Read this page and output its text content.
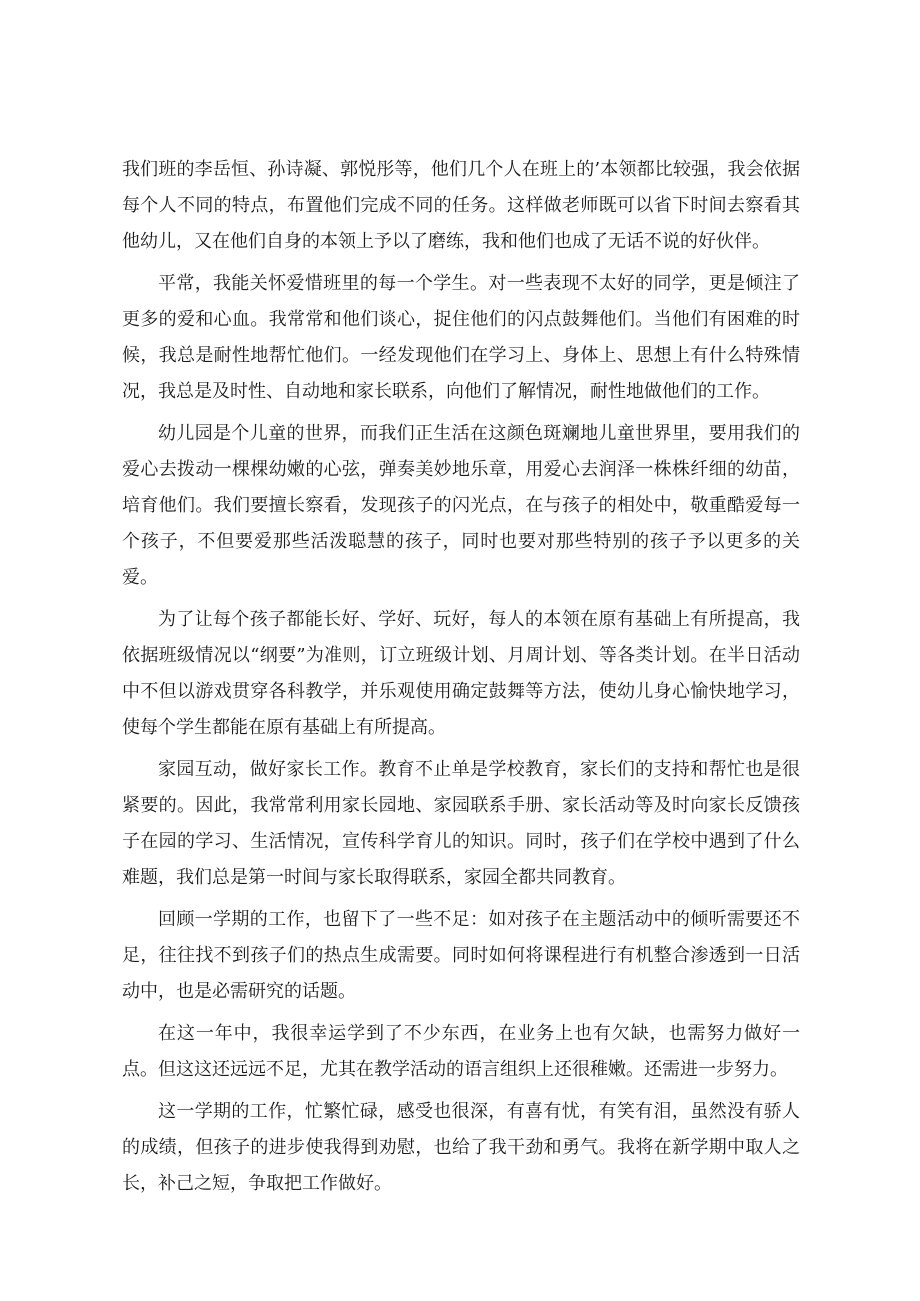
我们班的李岳恒、孙诗凝、郭悦彤等，他们几个人在班上的’本领都比较强，我会依据每个人不同的特点，布置他们完成不同的任务。这样做老师既可以省下时间去察看其他幼儿，又在他们自身的本领上予以了磨练，我和他们也成了无话不说的好伙伴。

平常，我能关怀爱惜班里的每一个学生。对一些表现不太好的同学，更是倾注了更多的爱和心血。我常常和他们谈心，捉住他们的闪点鼓舞他们。当他们有困难的时候，我总是耐性地帮忙他们。一经发现他们在学习上、身体上、思想上有什么特殊情况，我总是及时性、自动地和家长联系，向他们了解情况，耐性地做他们的工作。

幼儿园是个儿童的世界，而我们正生活在这颜色斑斓地儿童世界里，要用我们的爱心去拨动一棵棵幼嫩的心弦，弹奏美妙地乐章，用爱心去润泽一株株纤细的幼苗，培育他们。我们要擅长察看，发现孩子的闪光点，在与孩子的相处中，敬重酷爱每一个孩子，不但要爱那些活泼聪慧的孩子，同时也要对那些特别的孩子予以更多的关爱。

为了让每个孩子都能长好、学好、玩好，每人的本领在原有基础上有所提高，我依据班级情况以“纲要”为准则，订立班级计划、月周计划、等各类计划。在半日活动中不但以游戏贯穿各科教学，并乐观使用确定鼓舞等方法，使幼儿身心愉快地学习，使每个学生都能在原有基础上有所提高。

家园互动，做好家长工作。教育不止单是学校教育，家长们的支持和帮忙也是很紧要的。因此，我常常利用家长园地、家园联系手册、家长活动等及时向家长反馈孩子在园的学习、生活情况，宣传科学育儿的知识。同时，孩子们在学校中遇到了什么难题，我们总是第一时间与家长取得联系，家园全都共同教育。

回顾一学期的工作，也留下了一些不足：如对孩子在主题活动中的倾听需要还不足，往往找不到孩子们的热点生成需要。同时如何将课程进行有机整合渗透到一日活动中，也是必需研究的话题。

在这一年中，我很幸运学到了不少东西，在业务上也有欠缺，也需努力做好一点。但这这还远远不足，尤其在教学活动的语言组织上还很稚嫩。还需进一步努力。

这一学期的工作，忙繁忙碌，感受也很深，有喜有忧，有笑有泪，虽然没有骄人的成绩，但孩子的进步使我得到劝慰，也给了我干劲和勇气。我将在新学期中取人之长，补己之短，争取把工作做好。
